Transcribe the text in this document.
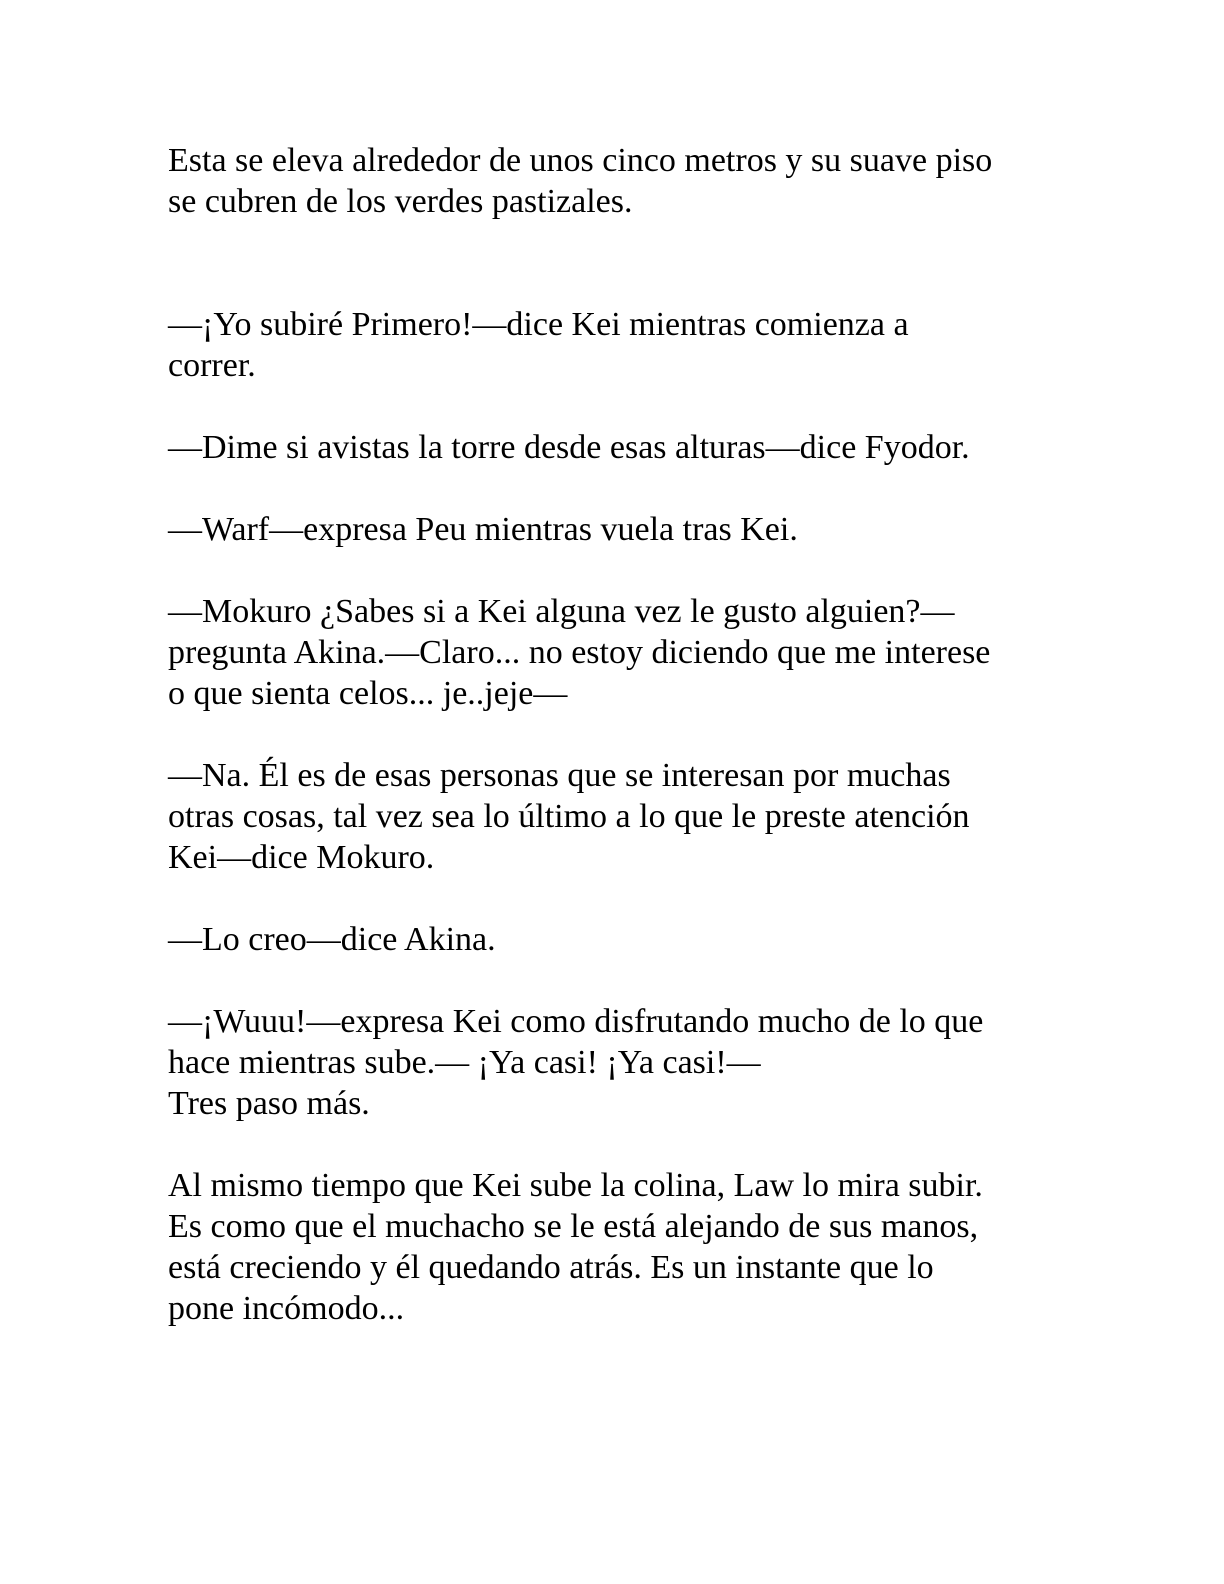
Esta se eleva alrededor de unos cinco metros y su suave piso
se cubren de los verdes pastizales.

—¡Yo subiré Primero!—dice Kei mientras comienza a
correr.

—Dime si avistas la torre desde esas alturas—dice Fyodor.

—Warf—expresa Peu mientras vuela tras Kei.

—Mokuro ¿Sabes si a Kei alguna vez le gusto alguien?—
pregunta Akina.—Claro... no estoy diciendo que me interese
o que sienta celos... je..jeje—

—Na. Él es de esas personas que se interesan por muchas
otras cosas, tal vez sea lo último a lo que le preste atención
Kei—dice Mokuro.

—Lo creo—dice Akina.

—¡Wuuu!—expresa Kei como disfrutando mucho de lo que
hace mientras sube.— ¡Ya casi! ¡Ya casi!—
Tres paso más.

Al mismo tiempo que Kei sube la colina, Law lo mira subir.
Es como que el muchacho se le está alejando de sus manos,
está creciendo y él quedando atrás. Es un instante que lo
pone incómodo...
